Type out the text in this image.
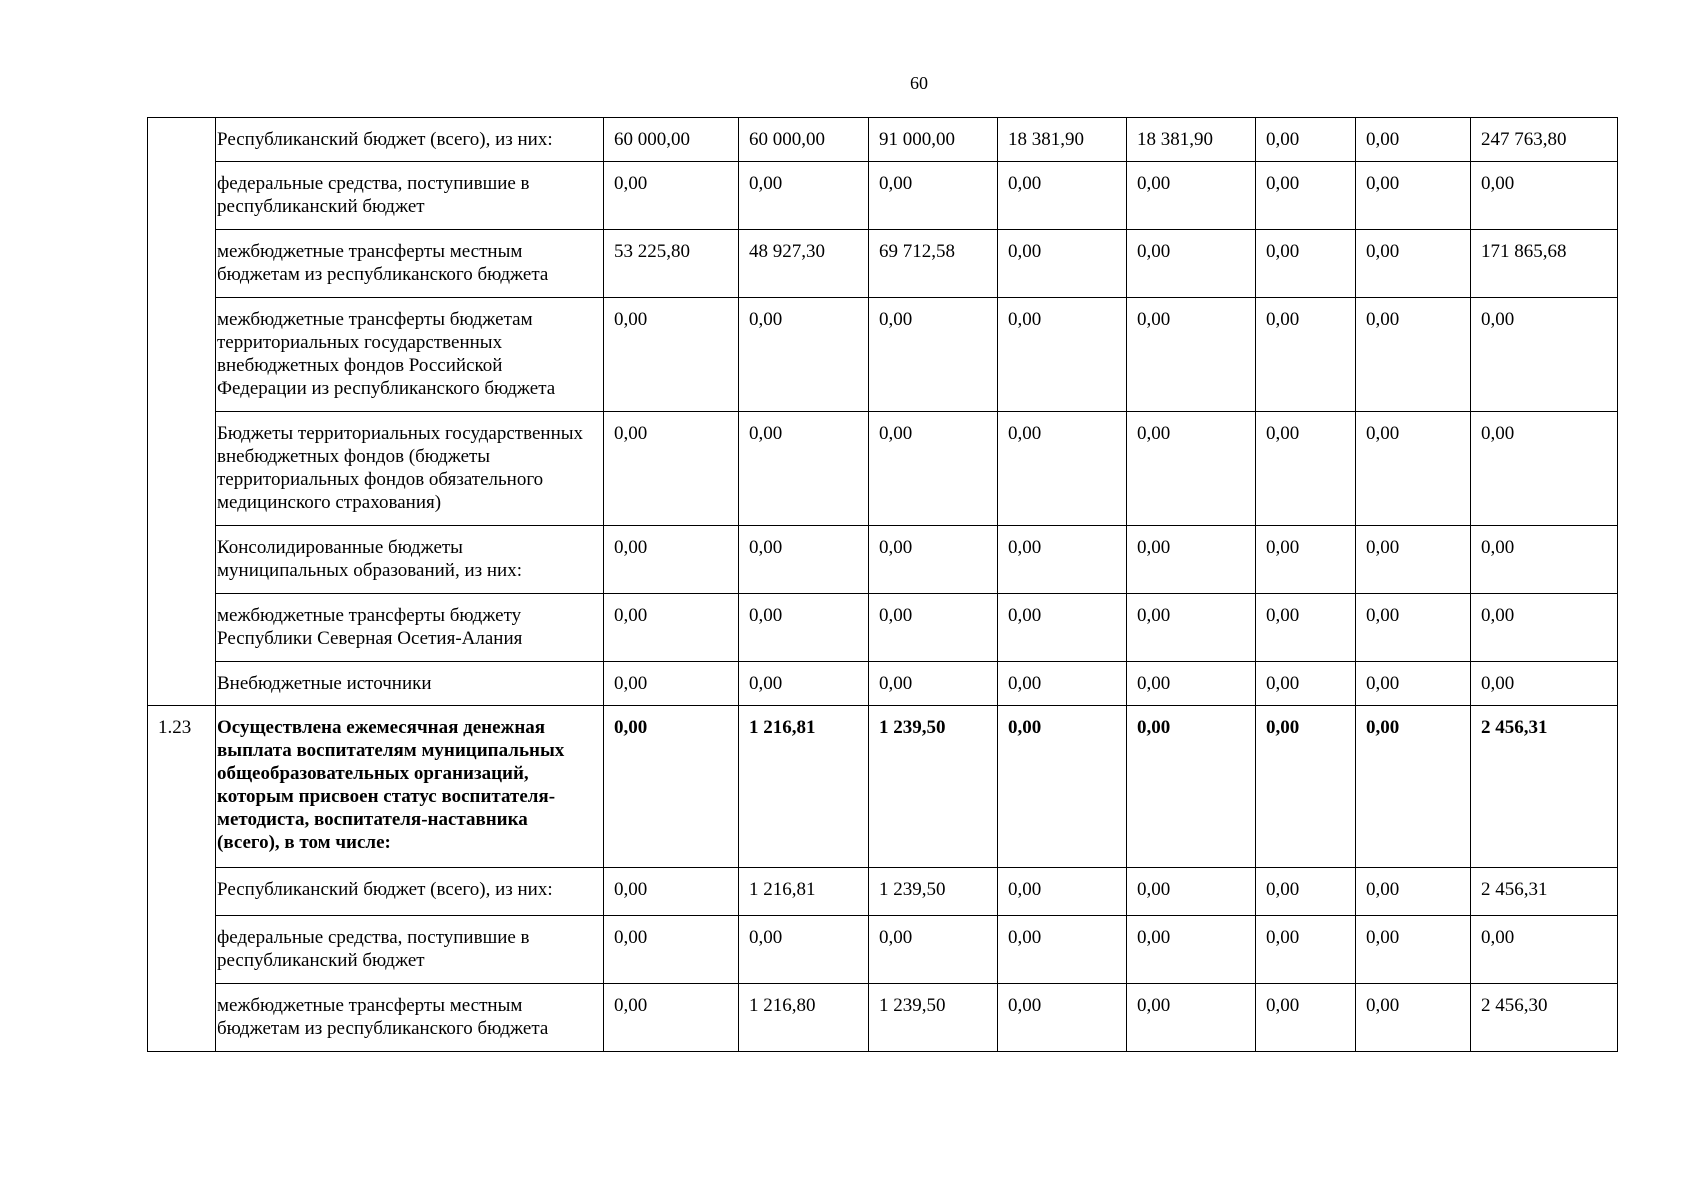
60
	Республиканский бюджет (всего), из них:	60 000,00	60 000,00	91 000,00	18 381,90	18 381,90	0,00	0,00	247 763,80
	федеральные средства, поступившие в республиканский бюджет	0,00	0,00	0,00	0,00	0,00	0,00	0,00	0,00
	межбюджетные трансферты местным бюджетам из республиканского бюджета	53 225,80	48 927,30	69 712,58	0,00	0,00	0,00	0,00	171 865,68
	межбюджетные трансферты бюджетам территориальных государственных внебюджетных фондов Российской Федерации из республиканского бюджета	0,00	0,00	0,00	0,00	0,00	0,00	0,00	0,00
	Бюджеты территориальных государственных внебюджетных фондов (бюджеты территориальных фондов обязательного медицинского страхования)	0,00	0,00	0,00	0,00	0,00	0,00	0,00	0,00
	Консолидированные бюджеты муниципальных образований, из них:	0,00	0,00	0,00	0,00	0,00	0,00	0,00	0,00
	межбюджетные трансферты бюджету Республики Северная Осетия-Алания	0,00	0,00	0,00	0,00	0,00	0,00	0,00	0,00
	Внебюджетные источники	0,00	0,00	0,00	0,00	0,00	0,00	0,00	0,00
1.23	Осуществлена ежемесячная денежная выплата воспитателям муниципальных общеобразовательных организаций, которым присвоен статус воспитателя-методиста, воспитателя-наставника (всего), в том числе:	0,00	1 216,81	1 239,50	0,00	0,00	0,00	0,00	2 456,31
	Республиканский бюджет (всего), из них:	0,00	1 216,81	1 239,50	0,00	0,00	0,00	0,00	2 456,31
	федеральные средства, поступившие в республиканский бюджет	0,00	0,00	0,00	0,00	0,00	0,00	0,00	0,00
	межбюджетные трансферты местным бюджетам из республиканского бюджета	0,00	1 216,80	1 239,50	0,00	0,00	0,00	0,00	2 456,30
